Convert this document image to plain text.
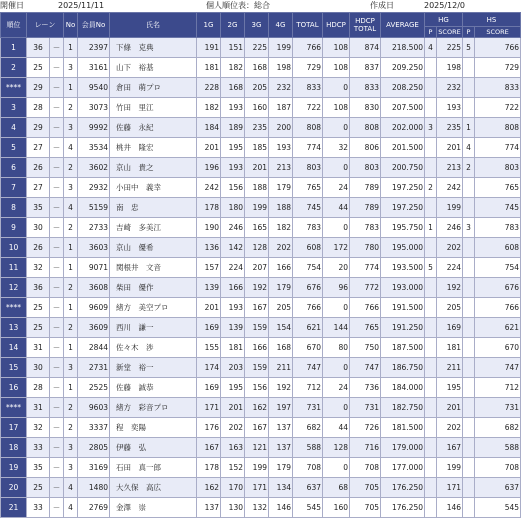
開催日	2025/11/11	個人順位表：総合	作成日	2025/12/0
順位	レーン		No	会員No	氏名	1G	2G	3G	4G	TOTAL	HDCP	HDCP TOTAL	AVERAGE	HG		HS	
														P	SCORE	P	SCORE
1	36	－	1	2397	下條　克典	191	151	225	199	766	108	874	218.500	4	225	5	766
2	25	－	3	3161	山下　裕基	181	182	168	198	729	108	837	209.250		198		729
****	29	－	1	9540	倉田　萌プロ	228	168	205	232	833	0	833	208.250		232		833
3	28	－	2	3073	竹田　里江	182	193	160	187	722	108	830	207.500		193		722
4	29	－	3	9992	佐藤　永紀	184	189	235	200	808	0	808	202.000	3	235	1	808
5	27	－	4	3534	桃井　隆宏	201	195	185	193	774	32	806	201.500		201	4	774
6	26	－	2	3602	京山　貴之	196	193	201	213	803	0	803	200.750		213	2	803
7	27	－	3	2932	小田中　義幸	242	156	188	179	765	24	789	197.250	2	242		765
8	35	－	4	5159	南　忠	178	180	199	188	745	44	789	197.250		199		745
9	30	－	2	2733	吉崎　多美江	190	246	165	182	783	0	783	195.750	1	246	3	783
10	26	－	1	3603	京山　優希	136	142	128	202	608	172	780	195.000		202		608
11	32	－	1	9071	関根井　文音	157	224	207	166	754	20	774	193.500	5	224		754
12	36	－	2	3608	柴田　優作	139	166	192	179	676	96	772	193.000		192		676
****	25	－	1	9609	緒方　美空プロ	201	193	167	205	766	0	766	191.500		205		766
13	25	－	2	3609	西川　謙一	169	139	159	154	621	144	765	191.250		169		621
14	31	－	1	2844	佐々木　渉	155	181	166	168	670	80	750	187.500		181		670
15	30	－	3	2731	新堂　裕一	174	203	159	211	747	0	747	186.750		211		747
16	28	－	1	2525	佐藤　誠恭	169	195	156	192	712	24	736	184.000		195		712
****	31	－	2	9603	緒方　彩音プロ	171	201	162	197	731	0	731	182.750		201		731
17	32	－	2	3337	程　奕陽	176	202	167	137	682	44	726	181.500		202		682
18	33	－	3	2805	伊藤　弘	167	163	121	137	588	128	716	179.000		167		588
19	35	－	3	3169	石田　真一郎	178	152	199	179	708	0	708	177.000		199		708
20	25	－	4	1480	大久保　高広	162	170	171	134	637	68	705	176.250		171		637
21	33	－	4	2769	金澤　崇	137	130	132	146	545	160	705	176.250		146		545
